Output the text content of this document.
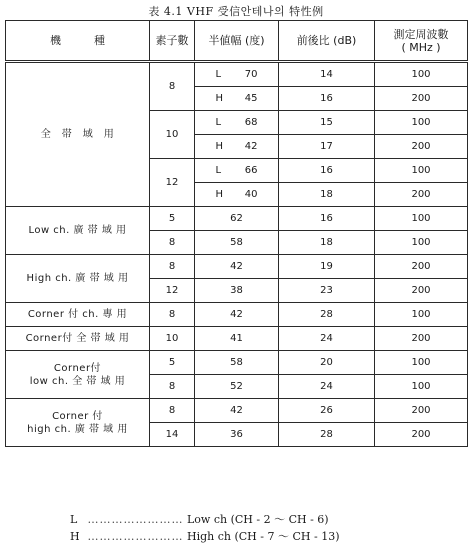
表 4.1 VHF 受信안테나의 特性例
機　　　種	素子數	半値幅 (度)	前後比 (dB)	測定周波數
( MHz )

全　帯　域　用	8	L 70	14	100
		H 45	16	200
	10	L 68	15	100
		H 42	17	200
	12	L 66	16	100
		H 40	18	200
Low ch. 廣 帯 域 用	5	62	16	100
	8	58	18	100
High ch. 廣 帯 域 用	8	42	19	200
	12	38	23	200
Corner 付 ch. 專 用	8	42	28	100
Corner付 全 帯 域 用	10	41	24	200

Corner付
low ch. 全 帯 域 用	5	58	20	100
	8	52	24	100

Corner 付
high ch. 廣 帯 域 用	8	42	26	200
	14	36	28	200
L …………………… Low ch (CH - 2 ～ CH - 6)
H …………………… High ch (CH - 7 ～ CH - 13)
